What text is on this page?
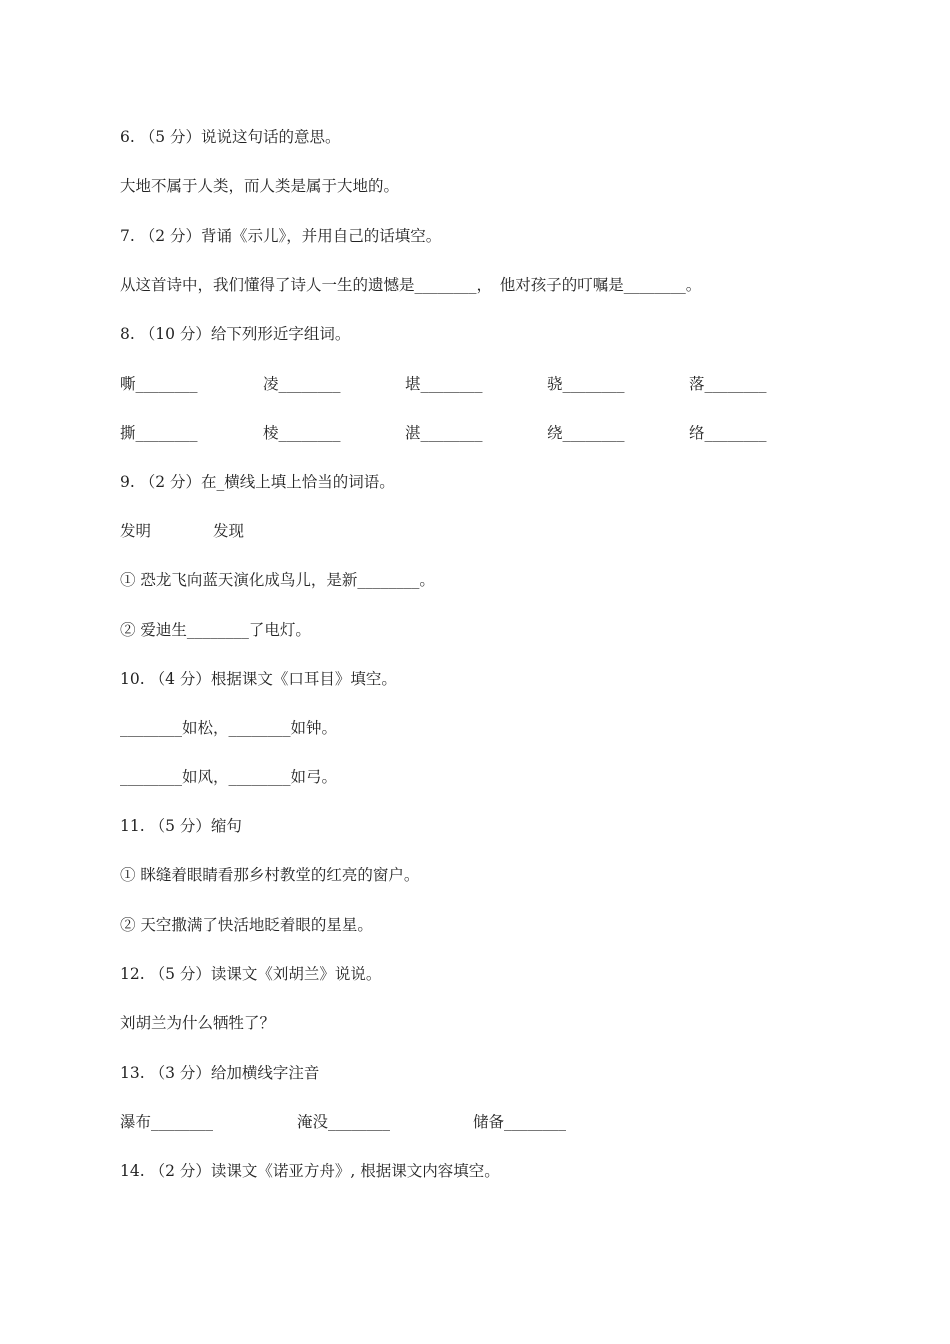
6. （5 分）说说这句话的意思。
大地不属于人类，而人类是属于大地的。
7. （2 分）背诵《示儿》，并用自己的话填空。
从这首诗中，我们懂得了诗人一生的遗憾是________，　他对孩子的叮嘱是________。
8. （10 分）给下列形近字组词。
嘶________	凌________	堪________	骁________	落________
撕________	棱________	湛________	绕________	络________
9. （2 分）在_横线上填上恰当的词语。
发明	发现
① 恐龙飞向蓝天演化成鸟儿，是新________。
② 爱迪生________了电灯。
10. （4 分）根据课文《口耳目》填空。
________如松，________如钟。
________如风，________如弓。
11. （5 分）缩句
① 眯缝着眼睛看那乡村教堂的红亮的窗户。
② 天空撒满了快活地眨着眼的星星。
12. （5 分）读课文《刘胡兰》说说。
刘胡兰为什么牺牲了？
13. （3 分）给加横线字注音
瀑布________	淹没________	储备________
14. （2 分）读课文《诺亚方舟》, 根据课文内容填空。
